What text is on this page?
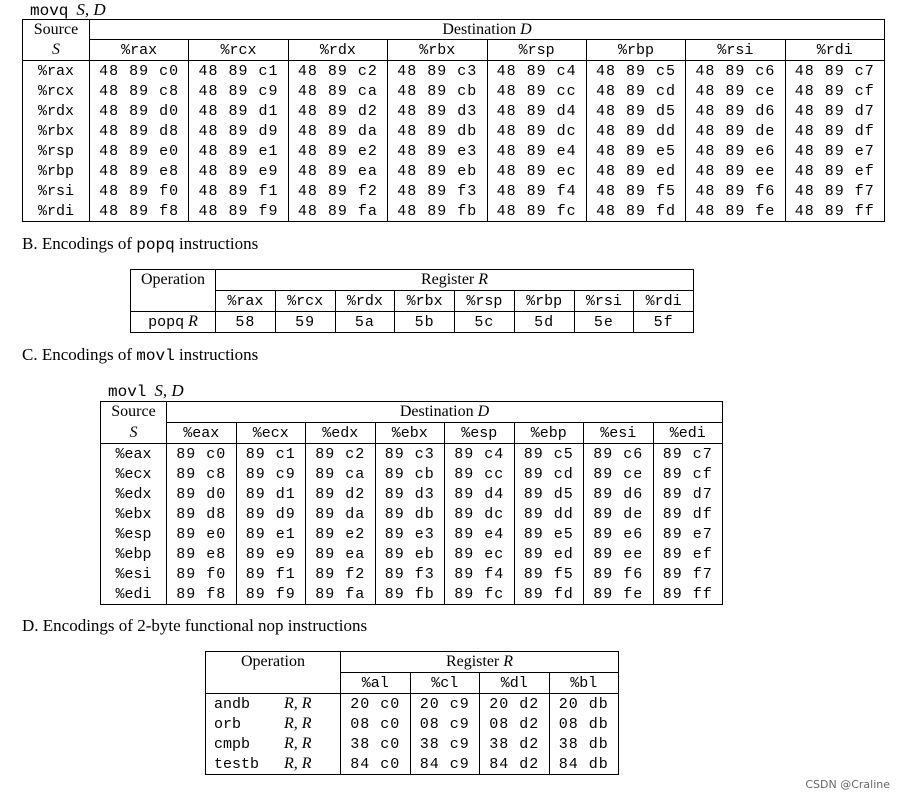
movq S, D
Source	Destination D							
S	%rax	%rcx	%rdx	%rbx	%rsp	%rbp	%rsi	%rdi
%rax	48 89 c0	48 89 c1	48 89 c2	48 89 c3	48 89 c4	48 89 c5	48 89 c6	48 89 c7
%rcx	48 89 c8	48 89 c9	48 89 ca	48 89 cb	48 89 cc	48 89 cd	48 89 ce	48 89 cf
%rdx	48 89 d0	48 89 d1	48 89 d2	48 89 d3	48 89 d4	48 89 d5	48 89 d6	48 89 d7
%rbx	48 89 d8	48 89 d9	48 89 da	48 89 db	48 89 dc	48 89 dd	48 89 de	48 89 df
%rsp	48 89 e0	48 89 e1	48 89 e2	48 89 e3	48 89 e4	48 89 e5	48 89 e6	48 89 e7
%rbp	48 89 e8	48 89 e9	48 89 ea	48 89 eb	48 89 ec	48 89 ed	48 89 ee	48 89 ef
%rsi	48 89 f0	48 89 f1	48 89 f2	48 89 f3	48 89 f4	48 89 f5	48 89 f6	48 89 f7
%rdi	48 89 f8	48 89 f9	48 89 fa	48 89 fb	48 89 fc	48 89 fd	48 89 fe	48 89 ff
B. Encodings of popq instructions
Operation	Register R							
	%rax	%rcx	%rdx	%rbx	%rsp	%rbp	%rsi	%rdi
popq R	58	59	5a	5b	5c	5d	5e	5f
C. Encodings of movl instructions
movl S, D
Source	Destination D							
S	%eax	%ecx	%edx	%ebx	%esp	%ebp	%esi	%edi
%eax	89 c0	89 c1	89 c2	89 c3	89 c4	89 c5	89 c6	89 c7
%ecx	89 c8	89 c9	89 ca	89 cb	89 cc	89 cd	89 ce	89 cf
%edx	89 d0	89 d1	89 d2	89 d3	89 d4	89 d5	89 d6	89 d7
%ebx	89 d8	89 d9	89 da	89 db	89 dc	89 dd	89 de	89 df
%esp	89 e0	89 e1	89 e2	89 e3	89 e4	89 e5	89 e6	89 e7
%ebp	89 e8	89 e9	89 ea	89 eb	89 ec	89 ed	89 ee	89 ef
%esi	89 f0	89 f1	89 f2	89 f3	89 f4	89 f5	89 f6	89 f7
%edi	89 f8	89 f9	89 fa	89 fb	89 fc	89 fd	89 fe	89 ff
D. Encodings of 2-byte functional nop instructions
Operation	Register R			
	%al	%cl	%dl	%bl
andb R, R	20 c0	20 c9	20 d2	20 db
orb R, R	08 c0	08 c9	08 d2	08 db
cmpb R, R	38 c0	38 c9	38 d2	38 db
testb R, R	84 c0	84 c9	84 d2	84 db
CSDN @Craline
